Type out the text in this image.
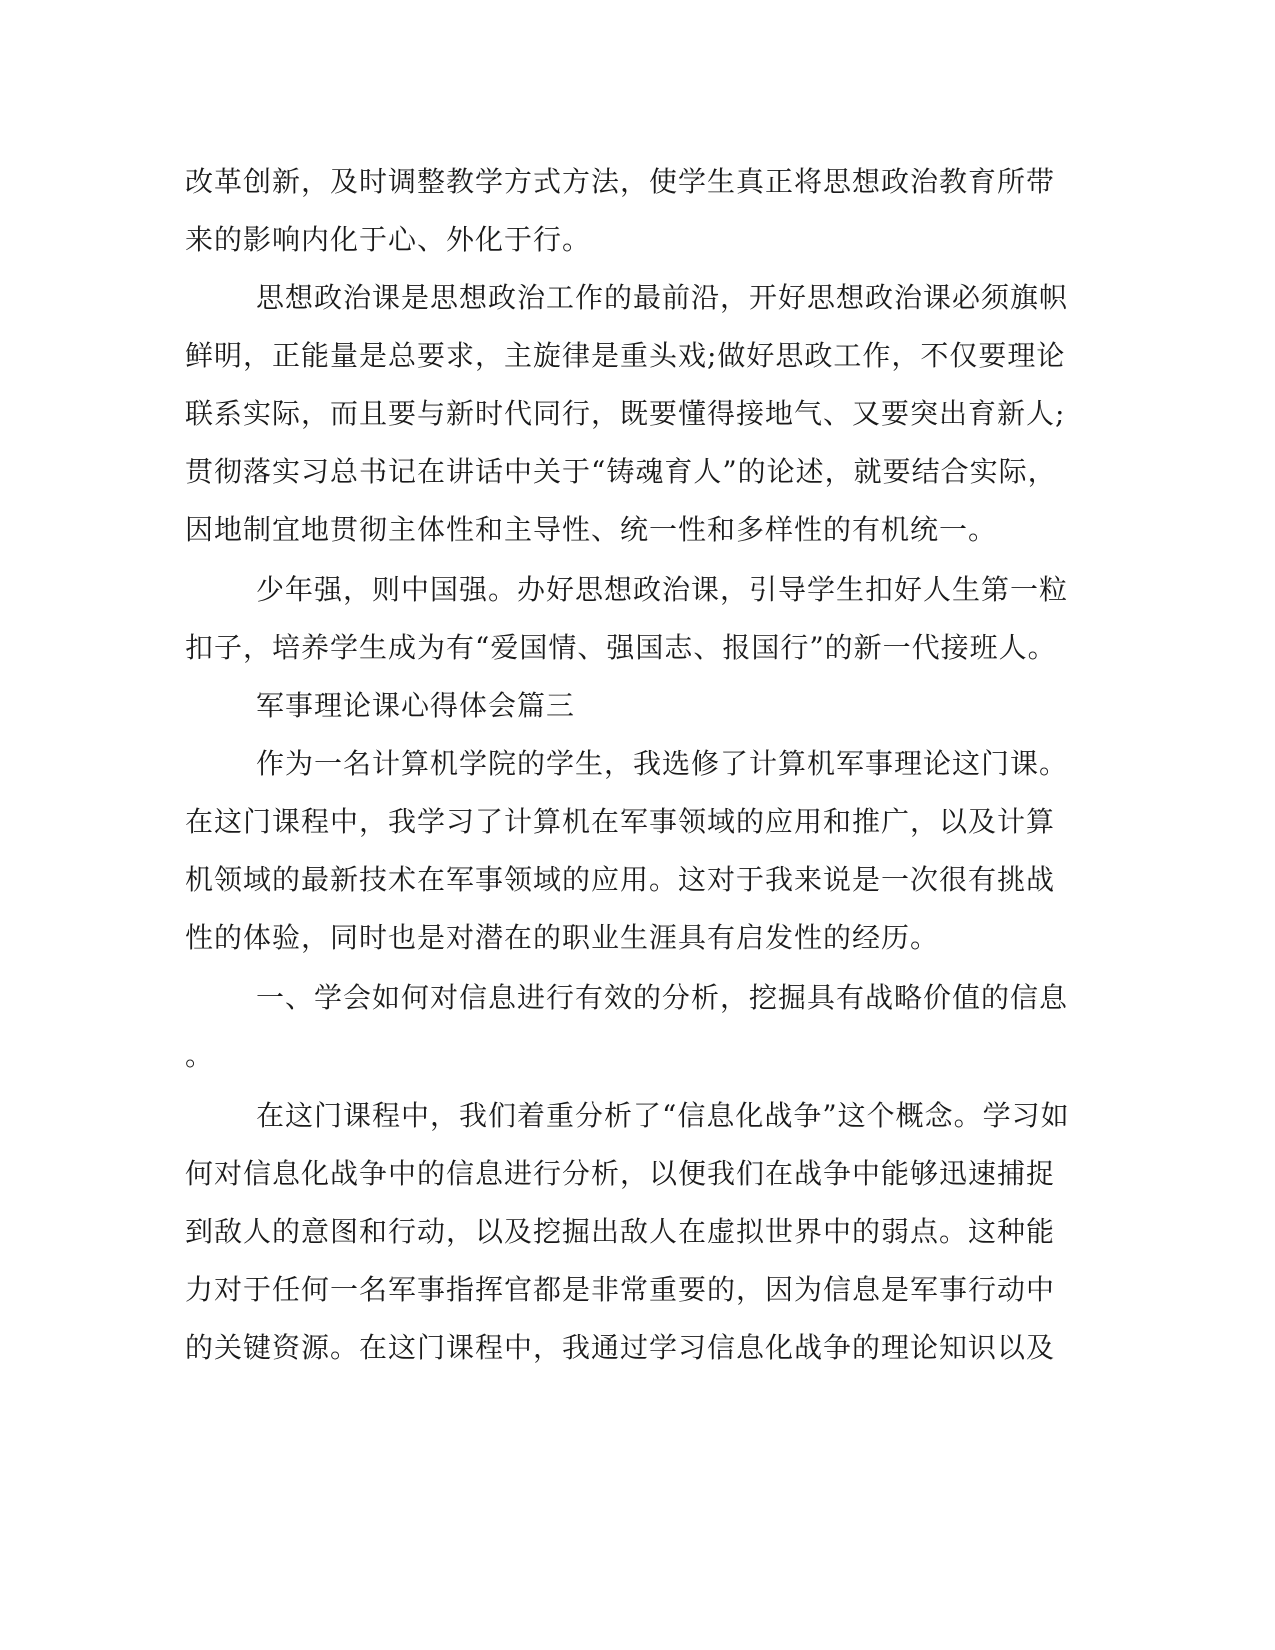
改革创新，及时调整教学方式方法，使学生真正将思想政治教育所带

来的影响内化于心、外化于行。

思想政治课是思想政治工作的最前沿，开好思想政治课必须旗帜

鲜明，正能量是总要求，主旋律是重头戏;做好思政工作，不仅要理论

联系实际，而且要与新时代同行，既要懂得接地气、又要突出育新人;

贯彻落实习总书记在讲话中关于“铸魂育人”的论述，就要结合实际，

因地制宜地贯彻主体性和主导性、统一性和多样性的有机统一。

少年强，则中国强。办好思想政治课，引导学生扣好人生第一粒

扣子，培养学生成为有“爱国情、强国志、报国行”的新一代接班人。

军事理论课心得体会篇三

作为一名计算机学院的学生，我选修了计算机军事理论这门课。

在这门课程中，我学习了计算机在军事领域的应用和推广，以及计算

机领域的最新技术在军事领域的应用。这对于我来说是一次很有挑战

性的体验，同时也是对潜在的职业生涯具有启发性的经历。

一、学会如何对信息进行有效的分析，挖掘具有战略价值的信息

。

在这门课程中，我们着重分析了“信息化战争”这个概念。学习如

何对信息化战争中的信息进行分析，以便我们在战争中能够迅速捕捉

到敌人的意图和行动，以及挖掘出敌人在虚拟世界中的弱点。这种能

力对于任何一名军事指挥官都是非常重要的，因为信息是军事行动中

的关键资源。在这门课程中，我通过学习信息化战争的理论知识以及
